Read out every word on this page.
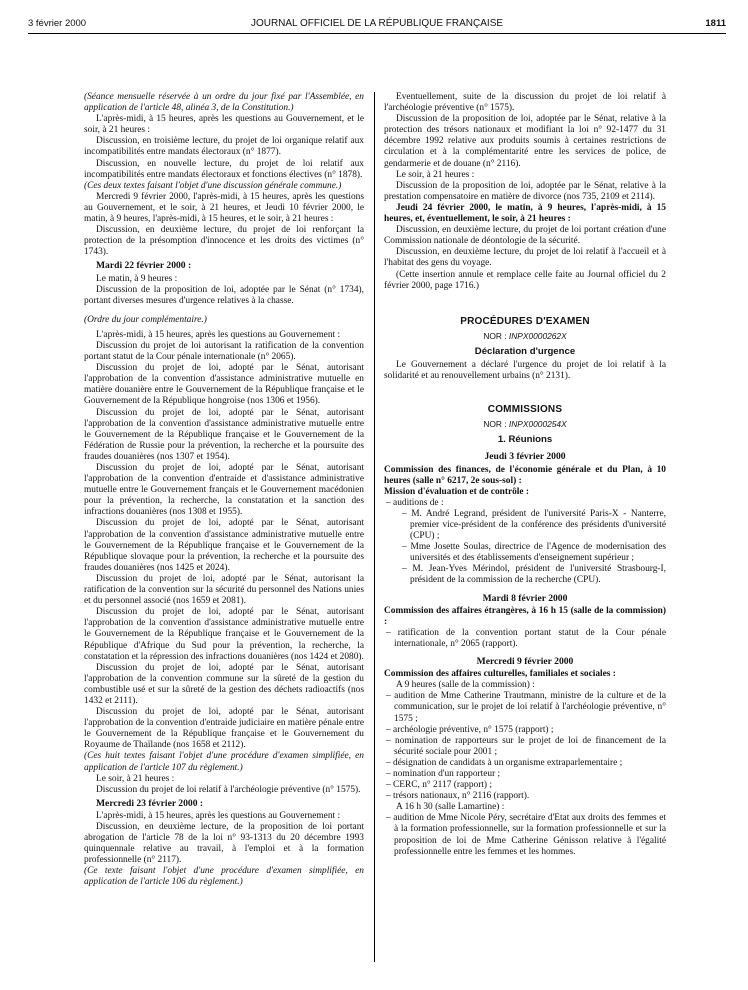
3 février 2000	JOURNAL OFFICIEL DE LA RÉPUBLIQUE FRANÇAISE	1811

(Séance mensuelle réservée à un ordre du jour fixé par l'Assemblée, en application de l'article 48, alinéa 3, de la Constitution.)

L'après-midi, à 15 heures, après les questions au Gouvernement, et le soir, à 21 heures :

Discussion, en troisième lecture, du projet de loi organique relatif aux incompatibilités entre mandats électoraux (n° 1877).

Discussion, en nouvelle lecture, du projet de loi relatif aux incompatibilités entre mandats électoraux et fonctions électives (n° 1878).

(Ces deux textes faisant l'objet d'une discussion générale commune.)

Mercredi 9 février 2000, l'après-midi, à 15 heures, après les questions au Gouvernement, et le soir, à 21 heures, et Jeudi 10 février 2000, le matin, à 9 heures, l'après-midi, à 15 heures, et le soir, à 21 heures :

Discussion, en deuxième lecture, du projet de loi renforçant la protection de la présomption d'innocence et les droits des victimes (n° 1743).

Mardi 22 février 2000 :

Le matin, à 9 heures :

Discussion de la proposition de loi, adoptée par le Sénat (n° 1734), portant diverses mesures d'urgence relatives à la chasse.

(Ordre du jour complémentaire.)

L'après-midi, à 15 heures, après les questions au Gouvernement :

Discussion du projet de loi autorisant la ratification de la convention portant statut de la Cour pénale internationale (n° 2065).

Discussion du projet de loi, adopté par le Sénat, autorisant l'approbation de la convention d'assistance administrative mutuelle en matière douanière entre le Gouvernement de la République française et le Gouvernement de la République hongroise (nos 1306 et 1956).

Discussion du projet de loi, adopté par le Sénat, autorisant l'approbation de la convention d'assistance administrative mutuelle entre le Gouvernement de la République française et le Gouvernement de la Fédération de Russie pour la prévention, la recherche et la poursuite des fraudes douanières (nos 1307 et 1954).

Discussion du projet de loi, adopté par le Sénat, autorisant l'approbation de la convention d'entraide et d'assistance administrative mutuelle entre le Gouvernement français et le Gouvernement macédonien pour la prévention, la recherche, la constatation et la sanction des infractions douanières (nos 1308 et 1955).

Discussion du projet de loi, adopté par le Sénat, autorisant l'approbation de la convention d'assistance administrative mutuelle entre le Gouvernement de la République française et le Gouvernement de la République slovaque pour la prévention, la recherche et la poursuite des fraudes douanières (nos 1425 et 2024).

Discussion du projet de loi, adopté par le Sénat, autorisant la ratification de la convention sur la sécurité du personnel des Nations unies et du personnel associé (nos 1659 et 2081).

Discussion du projet de loi, adopté par le Sénat, autorisant l'approbation de la convention d'assistance administrative mutuelle entre le Gouvernement de la République française et le Gouvernement de la République d'Afrique du Sud pour la prévention, la recherche, la constatation et la répression des infractions douanières (nos 1424 et 2080).

Discussion du projet de loi, adopté par le Sénat, autorisant l'approbation de la convention commune sur la sûreté de la gestion du combustible usé et sur la sûreté de la gestion des déchets radioactifs (nos 1432 et 2111).

Discussion du projet de loi, adopté par le Sénat, autorisant l'approbation de la convention d'entraide judiciaire en matière pénale entre le Gouvernement de la République française et le Gouvernement du Royaume de Thaïlande (nos 1658 et 2112).

(Ces huit textes faisant l'objet d'une procédure d'examen simplifiée, en application de l'article 107 du règlement.)

Le soir, à 21 heures :

Discussion du projet de loi relatif à l'archéologie préventive (n° 1575).

Mercredi 23 février 2000 :

L'après-midi, à 15 heures, après les questions au Gouvernement :

Discussion, en deuxième lecture, de la proposition de loi portant abrogation de l'article 78 de la loi n° 93-1313 du 20 décembre 1993 quinquennale relative au travail, à l'emploi et à la formation professionnelle (n° 2117).

(Ce texte faisant l'objet d'une procédure d'examen simplifiée, en application de l'article 106 du règlement.)

Eventuellement, suite de la discussion du projet de loi relatif à l'archéologie préventive (n° 1575).

Discussion de la proposition de loi, adoptée par le Sénat, relative à la protection des trésors nationaux et modifiant la loi n° 92-1477 du 31 décembre 1992 relative aux produits soumis à certaines restrictions de circulation et à la complémentarité entre les services de police, de gendarmerie et de douane (n° 2116).

Le soir, à 21 heures :

Discussion de la proposition de loi, adoptée par le Sénat, relative à la prestation compensatoire en matière de divorce (nos 735, 2109 et 2114).

Jeudi 24 février 2000, le matin, à 9 heures, l'après-midi, à 15 heures, et, éventuellement, le soir, à 21 heures :

Discussion, en deuxième lecture, du projet de loi portant création d'une Commission nationale de déontologie de la sécurité.

Discussion, en deuxième lecture, du projet de loi relatif à l'accueil et à l'habitat des gens du voyage.

(Cette insertion annule et remplace celle faite au Journal officiel du 2 février 2000, page 1716.)

PROCÉDURES D'EXAMEN
NOR : INPX0000262X
Déclaration d'urgence

Le Gouvernement a déclaré l'urgence du projet de loi relatif à la solidarité et au renouvellement urbains (n° 2131).

COMMISSIONS
NOR : INPX0000254X
1. Réunions
Jeudi 3 février 2000

Commission des finances, de l'économie générale et du Plan, à 10 heures (salle n° 6217, 2e sous-sol) :

Mission d'évaluation et de contrôle :

– auditions de :
– M. André Legrand, président de l'université Paris-X - Nanterre, premier vice-président de la conférence des présidents d'université (CPU) ;
– Mme Josette Soulas, directrice de l'Agence de modernisation des universités et des établissements d'enseignement supérieur ;
– M. Jean-Yves Mérindol, président de l'université Strasbourg-I, président de la commission de la recherche (CPU).
Mardi 8 février 2000

Commission des affaires étrangères, à 16 h 15 (salle de la commission) :

– ratification de la convention portant statut de la Cour pénale internationale, n° 2065 (rapport).
Mercredi 9 février 2000

Commission des affaires culturelles, familiales et sociales :

A 9 heures (salle de la commission) :

– audition de Mme Catherine Trautmann, ministre de la culture et de la communication, sur le projet de loi relatif à l'archéologie préventive, n° 1575 ;
– archéologie préventive, n° 1575 (rapport) ;
– nomination de rapporteurs sur le projet de loi de financement de la sécurité sociale pour 2001 ;
– désignation de candidats à un organisme extraparlementaire ;
– nomination d'un rapporteur ;
– CERC, n° 2117 (rapport) ;
– trésors nationaux, n° 2116 (rapport).

A 16 h 30 (salle Lamartine) :

– audition de Mme Nicole Péry, secrétaire d'Etat aux droits des femmes et à la formation professionnelle, sur la formation professionnelle et sur la proposition de loi de Mme Catherine Génisson relative à l'égalité professionnelle entre les femmes et les hommes.
